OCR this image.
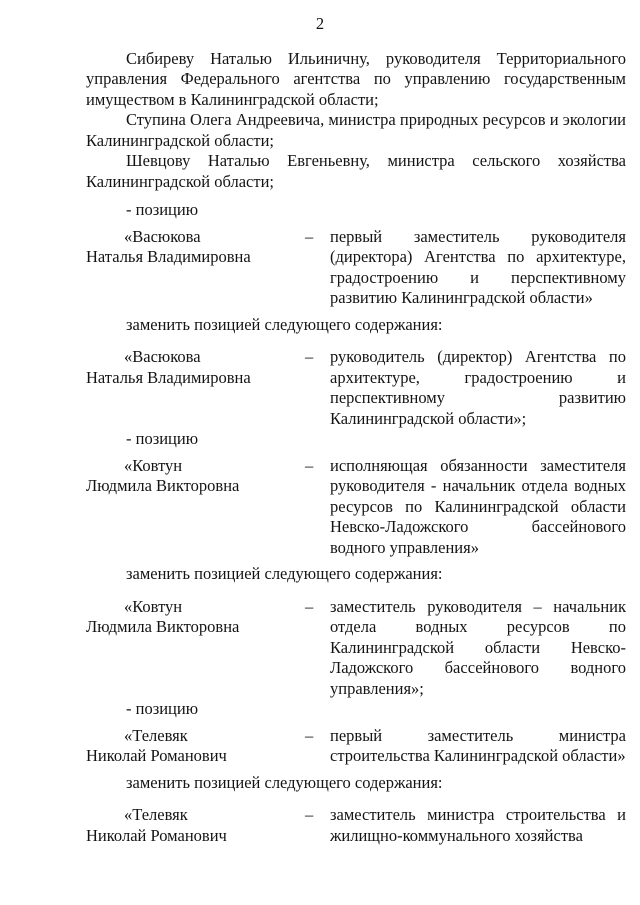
2

Сибиреву Наталью Ильиничну, руководителя Территориального управления Федерального агентства по управлению государственным имуществом в Калининградской области;

Ступина Олега Андреевича, министра природных ресурсов и экологии Калининградской области;

Шевцову Наталью Евгеньевну, министра сельского хозяйства Калининградской области;

- позицию
«Васюкова
Наталья Владимировна
–	первый заместитель руководителя (директора) Агентства по архитектуре, градостроению и перспективному развитию Калининградской области»
заменить позицией следующего содержания:
«Васюкова
Наталья Владимировна
–	руководитель (директор) Агентства по архитектуре, градостроению и перспективному развитию Калининградской области»;
- позицию
«Ковтун
Людмила Викторовна
–	исполняющая обязанности заместителя руководителя - начальник отдела водных ресурсов по Калининградской области Невско-Ладожского бассейнового водного управления»
заменить позицией следующего содержания:
«Ковтун
Людмила Викторовна
–	заместитель руководителя – начальник отдела водных ресурсов по Калининградской области Невско-Ладожского бассейнового водного управления»;
- позицию
«Телевяк
Николай Романович
–	первый заместитель министра строительства Калининградской области»
заменить позицией следующего содержания:
«Телевяк
Николай Романович
–	заместитель министра строительства и жилищно-коммунального хозяйства
